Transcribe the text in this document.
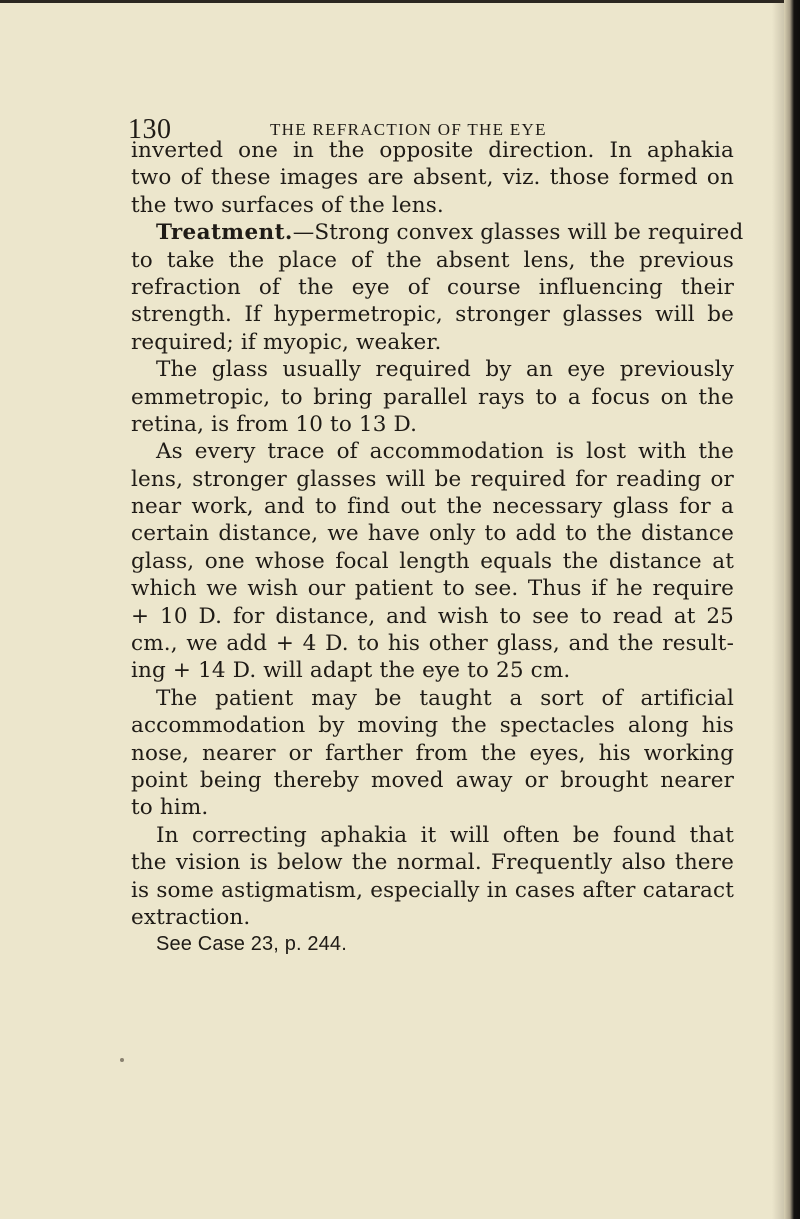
130	THE REFRACTION OF THE EYE
inverted one in the opposite direction. In aphakia
two of these images are absent, viz. those formed on
the two surfaces of the lens.
Treatment.—Strong convex glasses will be required
to take the place of the absent lens, the previous
refraction of the eye of course influencing their
strength. If hypermetropic, stronger glasses will be
required; if myopic, weaker.
The glass usually required by an eye previously
emmetropic, to bring parallel rays to a focus on the
retina, is from 10 to 13 D.
As every trace of accommodation is lost with the
lens, stronger glasses will be required for reading or
near work, and to find out the necessary glass for a
certain distance, we have only to add to the distance
glass, one whose focal length equals the distance at
which we wish our patient to see. Thus if he require
+ 10 D. for distance, and wish to see to read at 25
cm., we add + 4 D. to his other glass, and the result-
ing + 14 D. will adapt the eye to 25 cm.
The patient may be taught a sort of artificial
accommodation by moving the spectacles along his
nose, nearer or farther from the eyes, his working
point being thereby moved away or brought nearer
to him.
In correcting aphakia it will often be found that
the vision is below the normal. Frequently also there
is some astigmatism, especially in cases after cataract
extraction.
See Case 23, p. 244.
